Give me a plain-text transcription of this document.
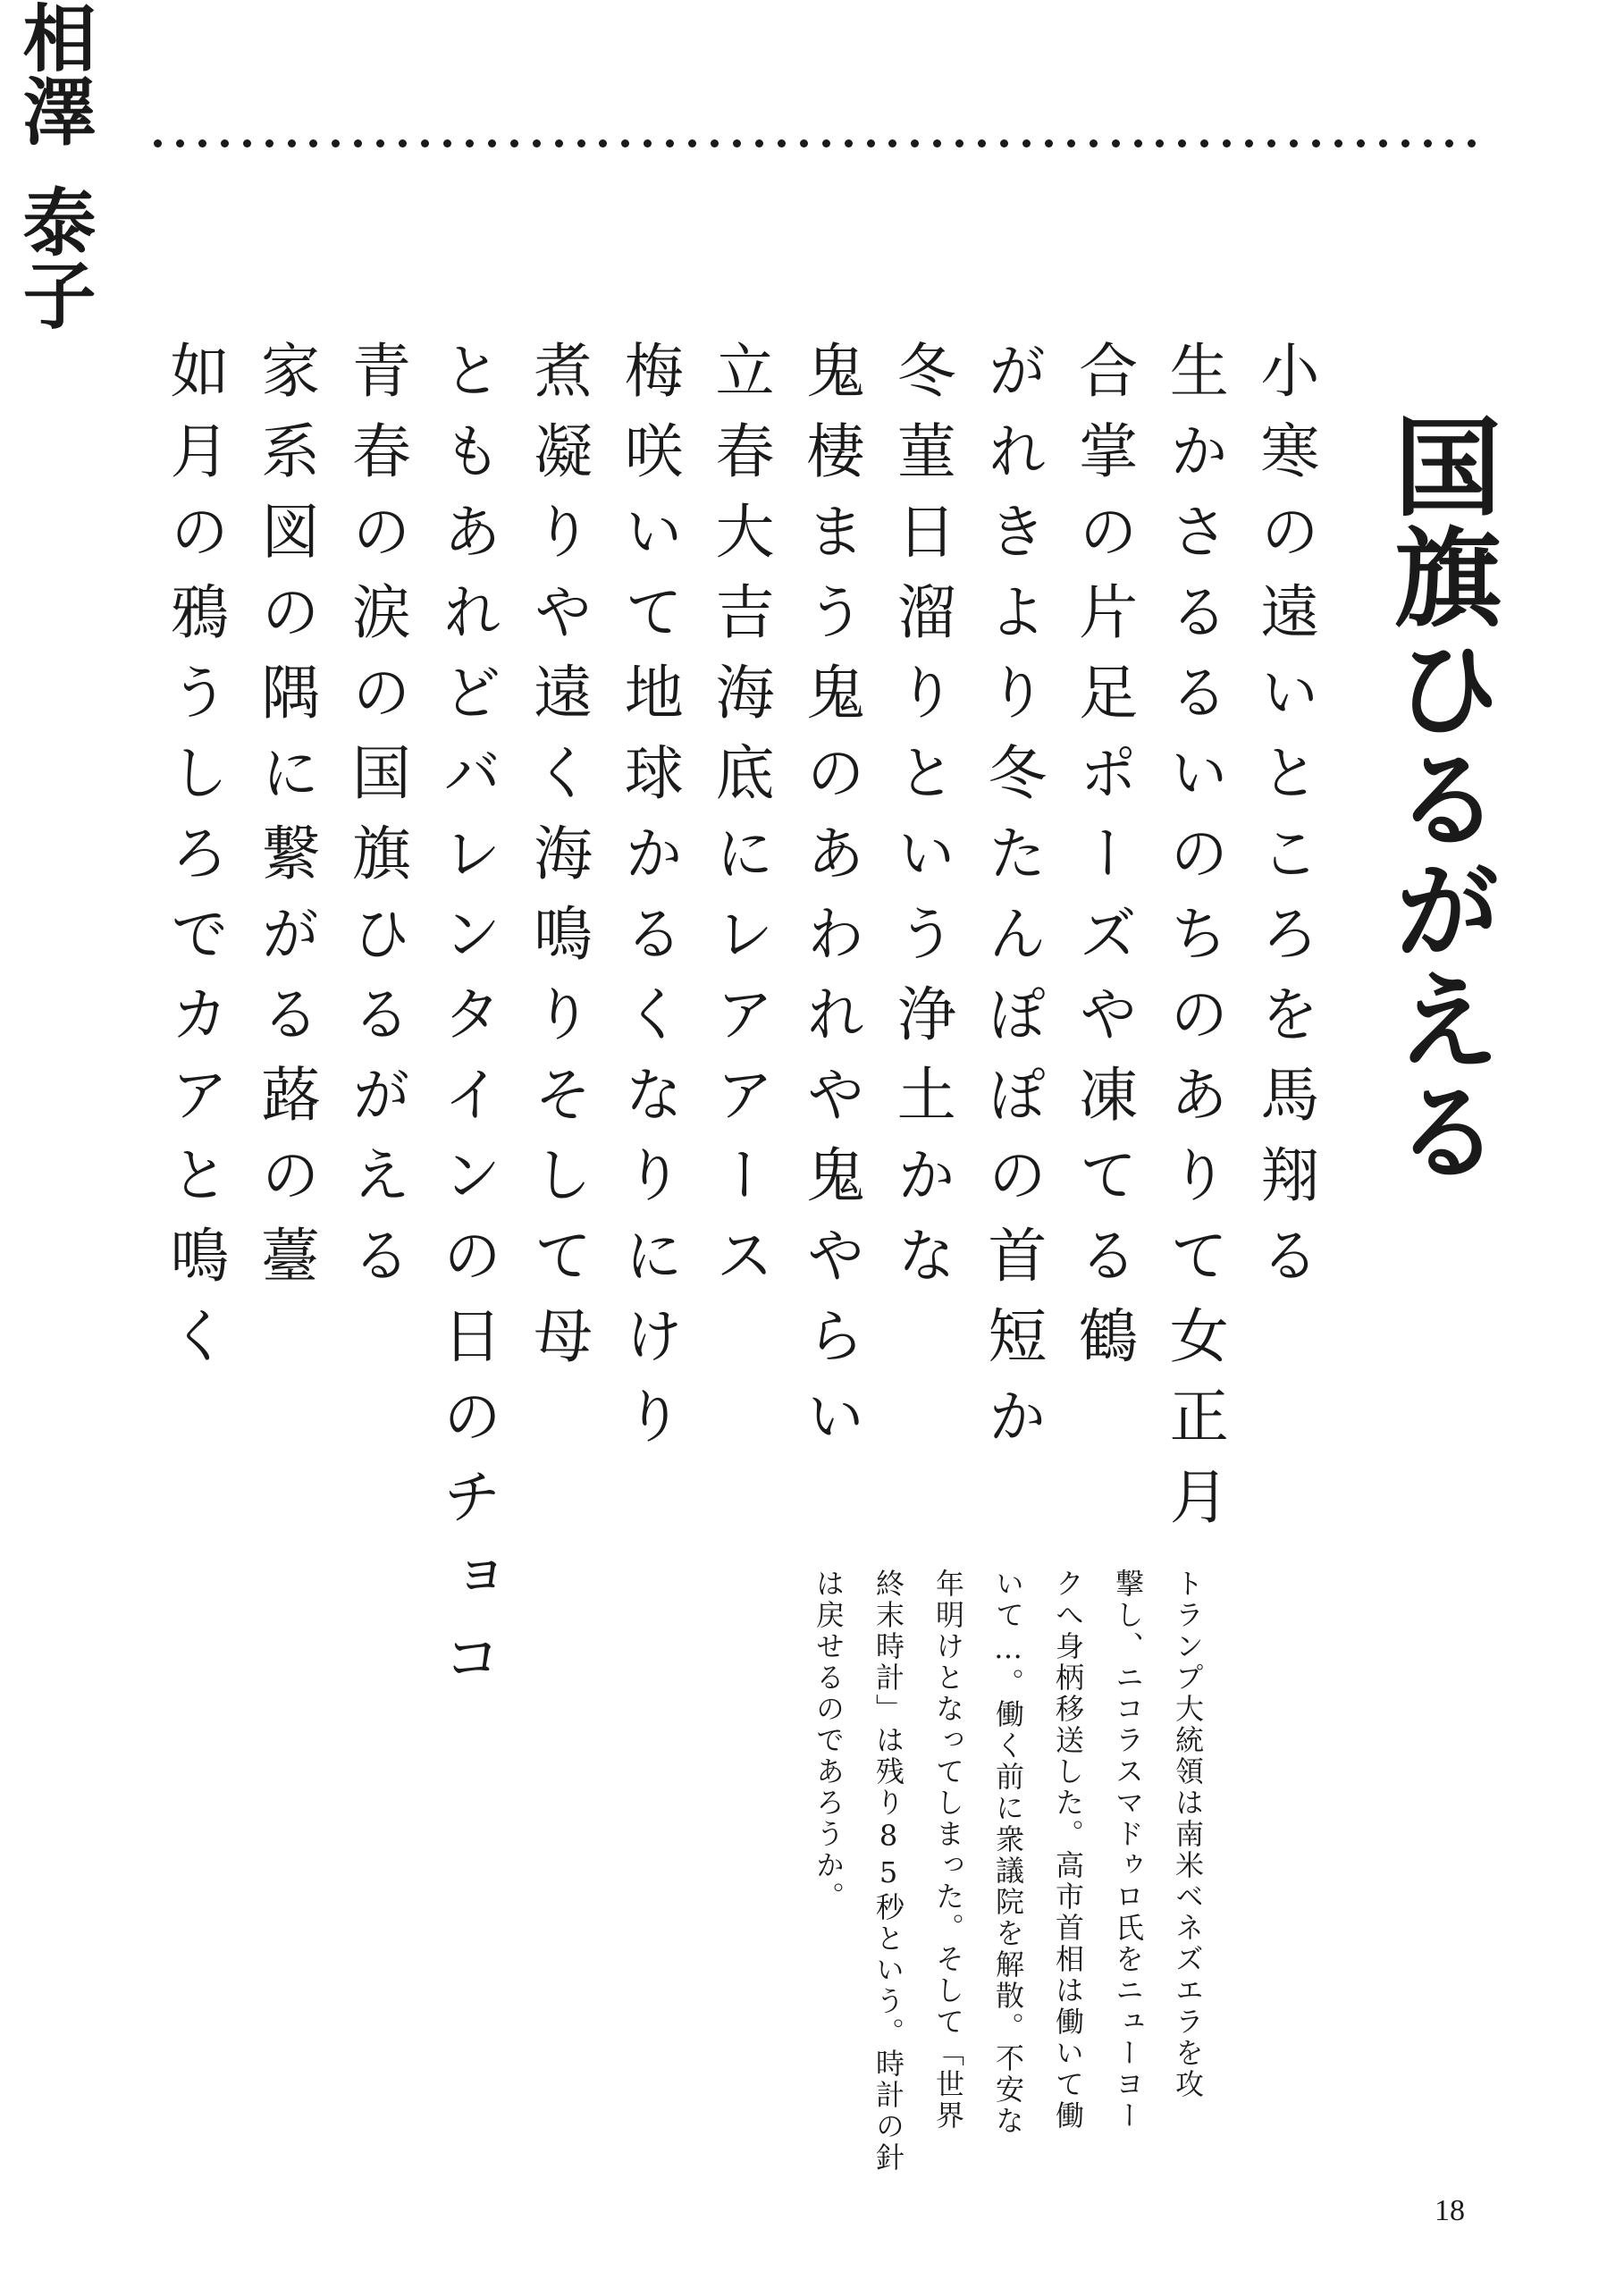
国旗ひるがえる
相澤
泰子
小寒の遠いところを馬翔る
生かさるるいのちのありて女正月
合掌の片足ポーズや凍てる鶴
がれきより冬たんぽぽの首短か
冬菫日溜りという浄土かな
鬼棲まう鬼のあわれや鬼やらい
立春大吉海底にレアアース
梅咲いて地球かるくなりにけり
煮凝りや遠く海鳴りそして母
ともあれどバレンタインの日のチョコ
青春の涙の国旗ひるがえる
家系図の隅に繋がる蕗の薹
如月の鴉うしろでカアと鳴く
トランプ大統領は南米ベネズエラを攻
撃し、ニコラスマドゥロ氏をニューヨー
クへ身柄移送した。高市首相は働いて働
いて…。働く前に衆議院を解散。不安な
年明けとなってしまった。そして「世界
終末時計」は残り85秒という。時計の針
は戻せるのであろうか。
18
